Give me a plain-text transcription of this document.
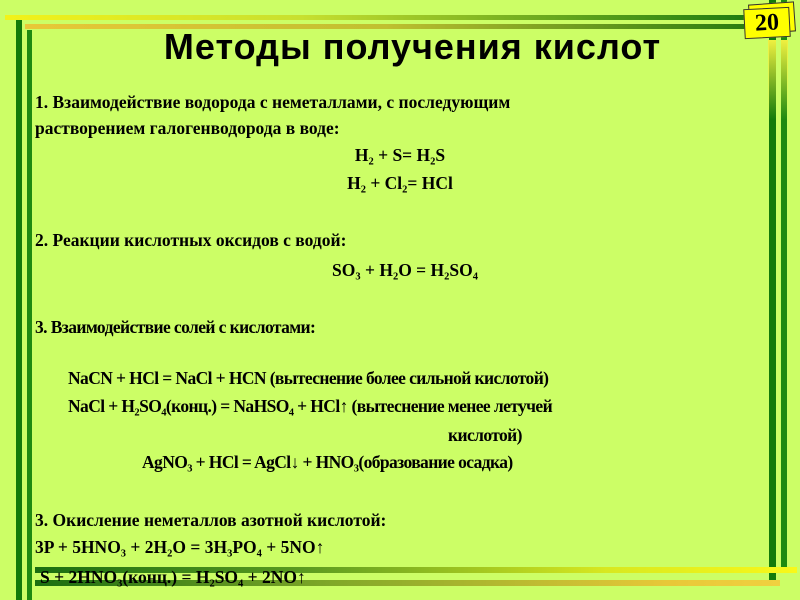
20
Методы получения кислот
1. Взаимодействие водорода с неметаллами, с последующим
растворением галогенводорода в воде:
H₂ + S= H₂S
H₂ + Cl₂= HCl
2. Реакции кислотных оксидов с водой:
SO₃ + H₂O = H₂SO₄
3. Взаимодействие солей с кислотами:
NaCN + HCl = NaCl + HCN (вытеснение более сильной кислотой)
NaCl + H₂SO₄(конц.) = NaHSO₄ + HCl↑ (вытеснение менее летучей
кислотой)
AgNO₃ + HCl = AgCl↓ + HNO₃(образование осадка)
3. Окисление неметаллов азотной кислотой:
3P + 5HNO₃ + 2H₂O = 3H₃PO₄ + 5NO↑
S + 2HNO₃(конц.) = H₂SO₄ + 2NO↑
